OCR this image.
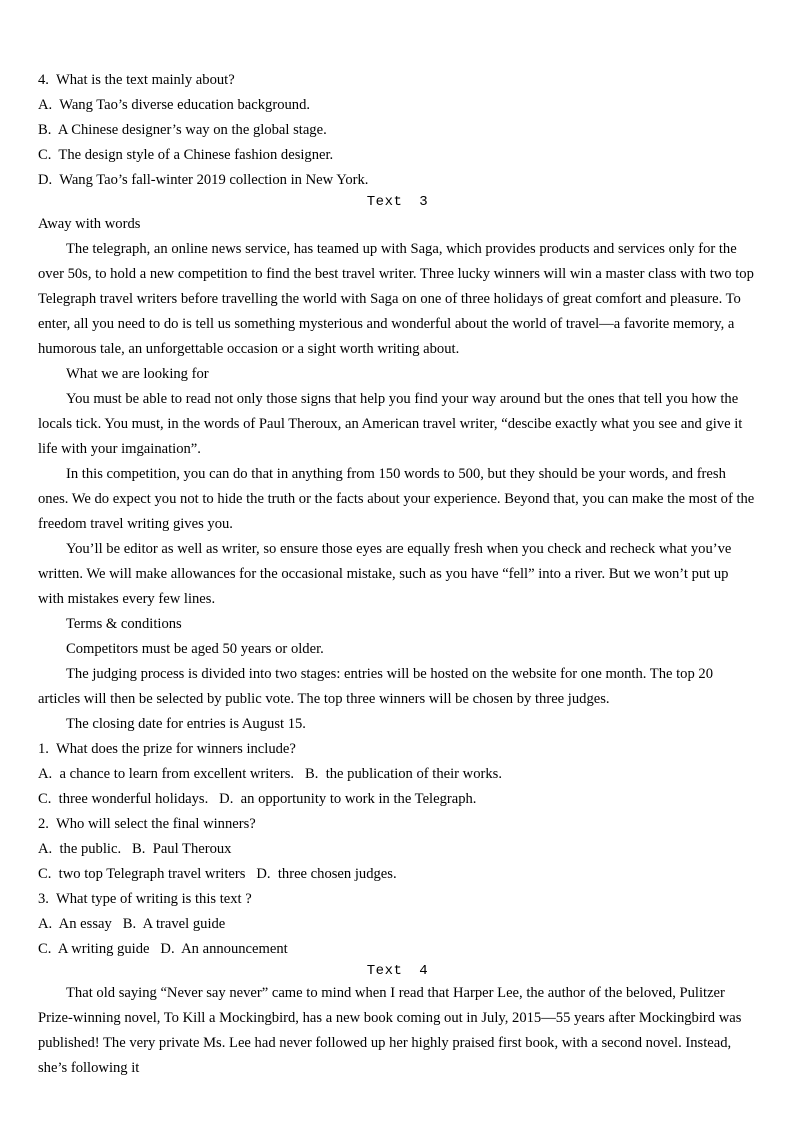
4.  What is the text mainly about?
A.  Wang Tao’s diverse education background.
B.  A Chinese designer’s way on the global stage.
C.  The design style of a Chinese fashion designer.
D.  Wang Tao’s fall-winter 2019 collection in New York.
Text 3
Away with words
The telegraph, an online news service, has teamed up with Saga, which provides products and services only for the over 50s, to hold a new competition to find the best travel writer. Three lucky winners will win a master class with two top Telegraph travel writers before travelling the world with Saga on one of three holidays of great comfort and pleasure. To enter, all you need to do is tell us something mysterious and wonderful about the world of travel—a favorite memory, a humorous tale, an unforgettable occasion or a sight worth writing about.
What we are looking for
You must be able to read not only those signs that help you find your way around but the ones that tell you how the locals tick. You must, in the words of Paul Theroux, an American travel writer, “descibe exactly what you see and give it life with your imgaination”.
In this competition, you can do that in anything from 150 words to 500, but they should be your words, and fresh ones. We do expect you not to hide the truth or the facts about your experience. Beyond that, you can make the most of the freedom travel writing gives you.
You’ll be editor as well as writer, so ensure those eyes are equally fresh when you check and recheck what you’ve written. We will make allowances for the occasional mistake, such as you have “fell” into a river. But we won’t put up with mistakes every few lines.
Terms & conditions
Competitors must be aged 50 years or older.
The judging process is divided into two stages: entries will be hosted on the website for one month. The top 20 articles will then be selected by public vote. The top three winners will be chosen by three judges.
The closing date for entries is August 15.
1.  What does the prize for winners include?
A.  a chance to learn from excellent writers.   B.  the publication of their works.
C.  three wonderful holidays.   D.  an opportunity to work in the Telegraph.
2.  Who will select the final winners?
A.  the public.   B.  Paul Theroux
C.  two top Telegraph travel writers   D.  three chosen judges.
3.  What type of writing is this text ?
A.  An essay   B.  A travel guide
C.  A writing guide   D.  An announcement
Text 4
That old saying “Never say never” came to mind when I read that Harper Lee, the author of the beloved, Pulitzer Prize-winning novel, To Kill a Mockingbird, has a new book coming out in July, 2015—55 years after Mockingbird was published! The very private Ms. Lee had never followed up her highly praised first book, with a second novel. Instead, she’s following it
